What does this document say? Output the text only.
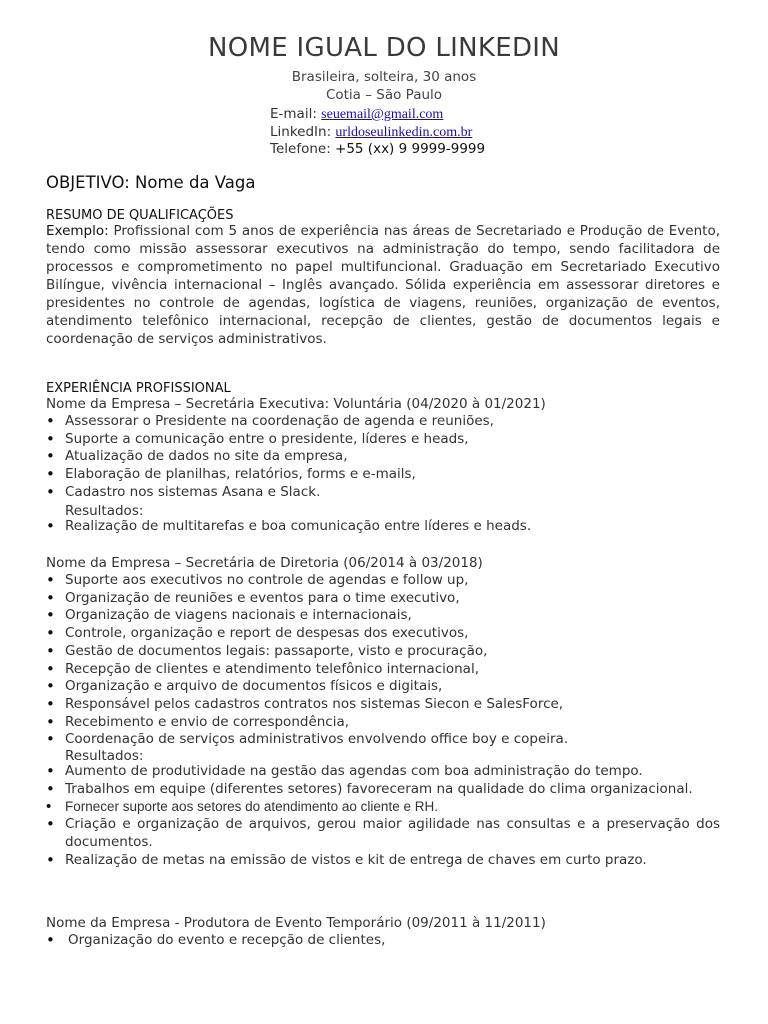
NOME IGUAL DO LINKEDIN
Brasileira, solteira, 30 anos
Cotia – São Paulo
E-mail: seuemail@gmail.com
LinkedIn: urldoseulinkedin.com.br
Telefone: +55 (xx) 9 9999-9999
OBJETIVO: Nome da Vaga
RESUMO DE QUALIFICAÇÕES
Exemplo: Profissional com 5 anos de experiência nas áreas de Secretariado e Produção de Evento, tendo como missão assessorar executivos na administração do tempo, sendo facilitadora de processos e comprometimento no papel multifuncional. Graduação em Secretariado Executivo Bilíngue, vivência internacional – Inglês avançado. Sólida experiência em assessorar diretores e presidentes no controle de agendas, logística de viagens, reuniões, organização de eventos, atendimento telefônico internacional, recepção de clientes, gestão de documentos legais e coordenação de serviços administrativos.
EXPERIÊNCIA PROFISSIONAL
Nome da Empresa – Secretária Executiva: Voluntária (04/2020 à 01/2021)
• Assessorar o Presidente na coordenação de agenda e reuniões,
• Suporte a comunicação entre o presidente, líderes e heads,
• Atualização de dados no site da empresa,
• Elaboração de planilhas, relatórios, forms e e-mails,
• Cadastro nos sistemas Asana e Slack.
Resultados:
• Realização de multitarefas e boa comunicação entre líderes e heads.
Nome da Empresa – Secretária de Diretoria (06/2014 à 03/2018)
• Suporte aos executivos no controle de agendas e follow up,
• Organização de reuniões e eventos para o time executivo,
• Organização de viagens nacionais e internacionais,
• Controle, organização e report de despesas dos executivos,
• Gestão de documentos legais: passaporte, visto e procuração,
• Recepção de clientes e atendimento telefônico internacional,
• Organização e arquivo de documentos físicos e digitais,
• Responsável pelos cadastros contratos nos sistemas Siecon e SalesForce,
• Recebimento e envio de correspondência,
• Coordenação de serviços administrativos envolvendo office boy e copeira.
Resultados:
• Aumento de produtividade na gestão das agendas com boa administração do tempo.
• Trabalhos em equipe (diferentes setores) favoreceram na qualidade do clima organizacional.
• Fornecer suporte aos setores do atendimento ao cliente e RH.
• Criação e organização de arquivos, gerou maior agilidade nas consultas e a preservação dos documentos.
• Realização de metas na emissão de vistos e kit de entrega de chaves em curto prazo.
Nome da Empresa - Produtora de Evento Temporário (09/2011 à 11/2011)
• Organização do evento e recepção de clientes,
